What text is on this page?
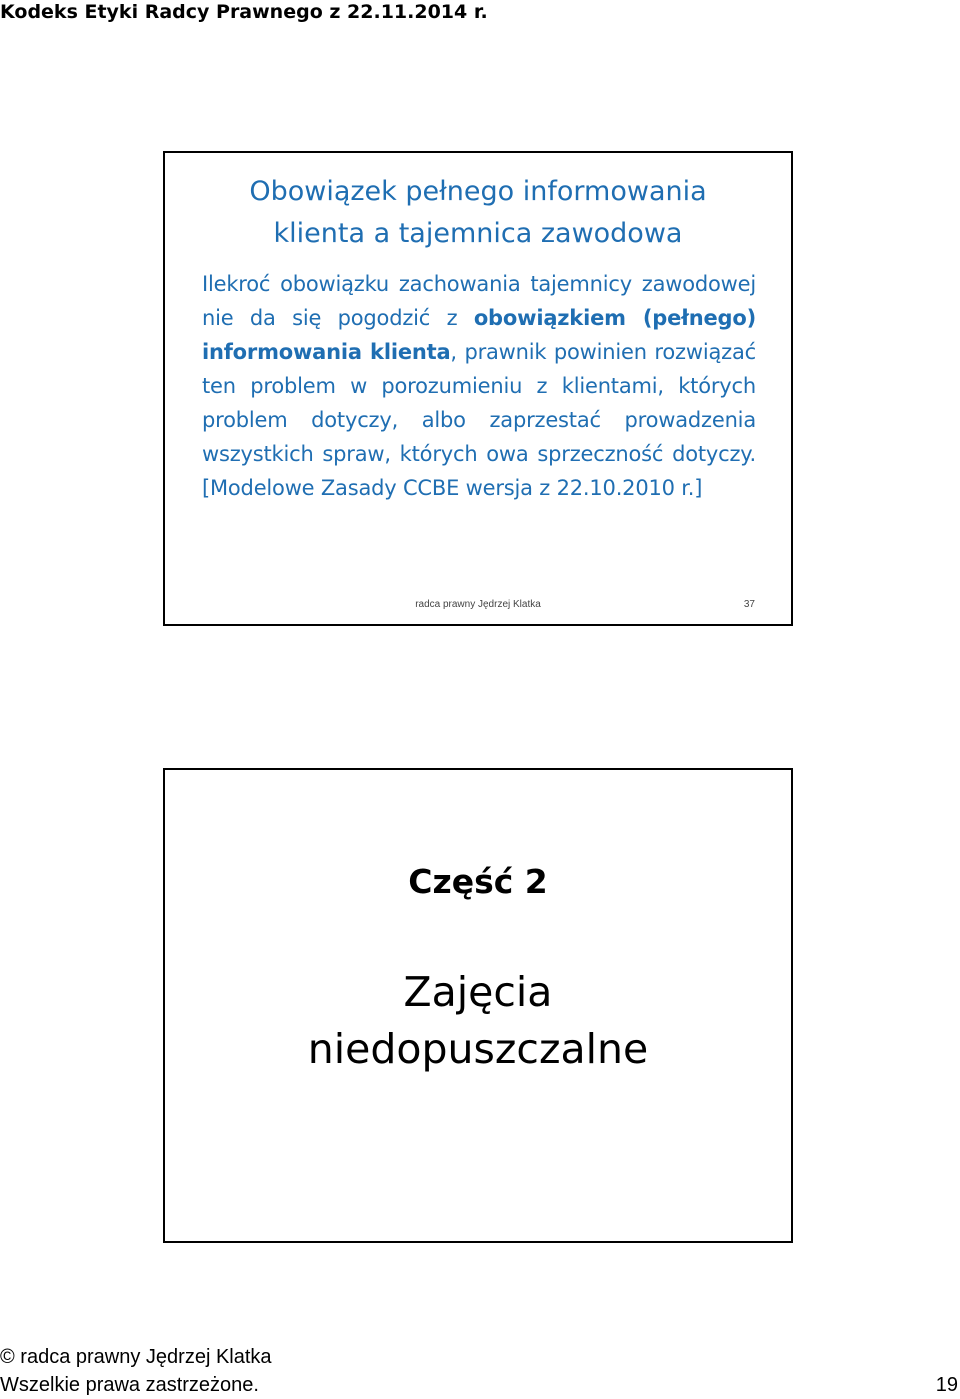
Kodeks Etyki Radcy Prawnego z 22.11.2014 r.
Obowiązek pełnego informowania
klienta a tajemnica zawodowa
Ilekroć obowiązku zachowania tajemnicy zawodowej nie da się pogodzić z obowiązkiem (pełnego) informowania klienta, prawnik powinien rozwiązać ten problem w porozumieniu z klientami, których problem dotyczy, albo zaprzestać prowadzenia wszystkich spraw, których owa sprzeczność dotyczy.
[Modelowe Zasady CCBE wersja z 22.10.2010 r.]
radca prawny Jędrzej Klatka	37
Część 2
Zajęcia
niedopuszczalne
© radca prawny Jędrzej Klatka
Wszelkie prawa zastrzeżone.	19
